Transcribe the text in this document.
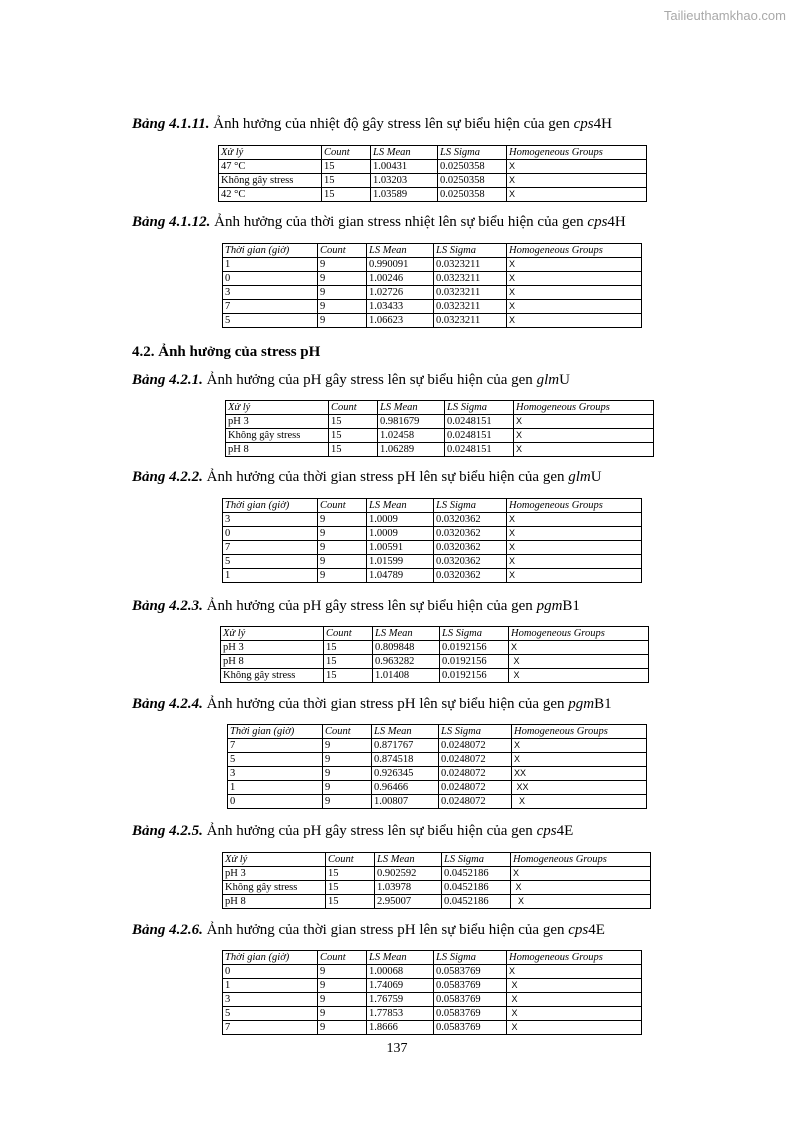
Tailieuthamkhao.com
Bảng 4.1.11. Ảnh hưởng của nhiệt độ gây stress lên sự biểu hiện của gen cps4H
Xử lý	Count	LS Mean	LS Sigma	Homogeneous Groups
47 °C	15	1.00431	0.0250358	X
Không gây stress	15	1.03203	0.0250358	X
42 °C	15	1.03589	0.0250358	X
Bảng 4.1.12. Ảnh hưởng của thời gian stress nhiệt lên sự biểu hiện của gen cps4H
Thời gian (giờ)	Count	LS Mean	LS Sigma	Homogeneous Groups
1	9	0.990091	0.0323211	X
0	9	1.00246	0.0323211	X
3	9	1.02726	0.0323211	X
7	9	1.03433	0.0323211	X
5	9	1.06623	0.0323211	X
4.2. Ảnh hưởng của stress pH
Bảng 4.2.1. Ảnh hưởng của pH gây stress lên sự biểu hiện của gen glmU
Xử lý	Count	LS Mean	LS Sigma	Homogeneous Groups
pH 3	15	0.981679	0.0248151	X
Không gây stress	15	1.02458	0.0248151	X
pH 8	15	1.06289	0.0248151	X
Bảng 4.2.2. Ảnh hưởng của thời gian stress pH lên sự biểu hiện của gen glmU
Thời gian (giờ)	Count	LS Mean	LS Sigma	Homogeneous Groups
3	9	1.0009	0.0320362	X
0	9	1.0009	0.0320362	X
7	9	1.00591	0.0320362	X
5	9	1.01599	0.0320362	X
1	9	1.04789	0.0320362	X
Bảng 4.2.3. Ảnh hưởng của pH gây stress lên sự biểu hiện của gen pgmB1
Xử lý	Count	LS Mean	LS Sigma	Homogeneous Groups
pH 3	15	0.809848	0.0192156	X
pH 8	15	0.963282	0.0192156	X
Không gây stress	15	1.01408	0.0192156	X
Bảng 4.2.4. Ảnh hưởng của thời gian stress pH lên sự biểu hiện của gen pgmB1
Thời gian (giờ)	Count	LS Mean	LS Sigma	Homogeneous Groups
7	9	0.871767	0.0248072	X
5	9	0.874518	0.0248072	X
3	9	0.926345	0.0248072	XX
1	9	0.96466	0.0248072	XX
0	9	1.00807	0.0248072	X
Bảng 4.2.5. Ảnh hưởng của pH gây stress lên sự biểu hiện của gen cps4E
Xử lý	Count	LS Mean	LS Sigma	Homogeneous Groups
pH 3	15	0.902592	0.0452186	X
Không gây stress	15	1.03978	0.0452186	X
pH 8	15	2.95007	0.0452186	X
Bảng 4.2.6. Ảnh hưởng của thời gian stress pH lên sự biểu hiện của gen cps4E
Thời gian (giờ)	Count	LS Mean	LS Sigma	Homogeneous Groups
0	9	1.00068	0.0583769	X
1	9	1.74069	0.0583769	X
3	9	1.76759	0.0583769	X
5	9	1.77853	0.0583769	X
7	9	1.8666	0.0583769	X
137
